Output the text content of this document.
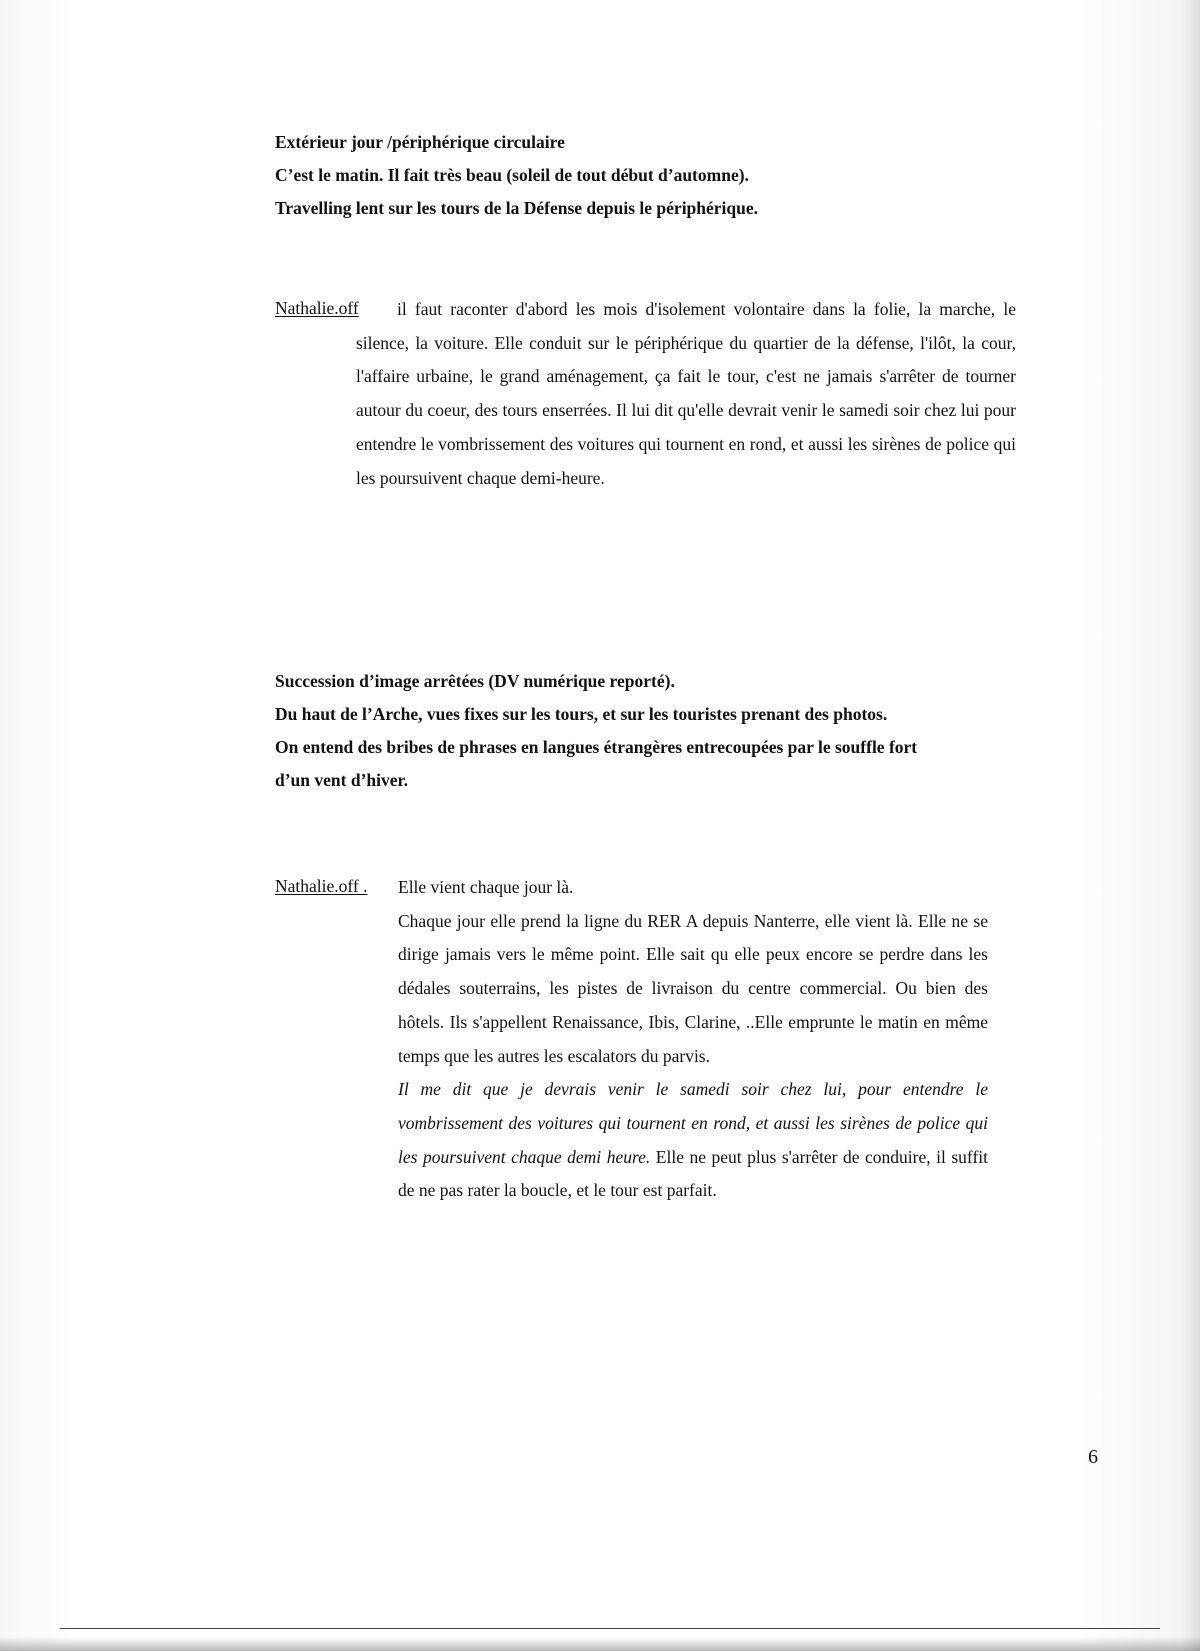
Extérieur jour /périphérique circulaire

C’est le matin. Il fait très beau (soleil de tout début d’automne).

Travelling lent sur les tours de la Défense depuis le périphérique.

Nathalie.off	il faut raconter d'abord les mois d'isolement volontaire dans la folie, la marche, le silence, la voiture. Elle conduit sur le périphérique du quartier de la défense, l'ilôt, la cour, l'affaire urbaine, le grand aménagement, ça fait le tour, c'est ne jamais s'arrêter de tourner autour du coeur, des tours enserrées. Il lui dit qu'elle devrait venir le samedi soir chez lui pour entendre le vombrissement des voitures qui tournent en rond, et aussi les sirènes de police qui les poursuivent chaque demi-heure.

Succession d’image arrêtées (DV numérique reporté).

Du haut de l’Arche, vues fixes sur les tours, et sur les touristes prenant des photos.

On entend des bribes de phrases en langues étrangères entrecoupées par le souffle fort

d’un vent d’hiver.

Nathalie.off . Elle vient chaque jour là.

Chaque jour elle prend la ligne du RER A depuis Nanterre, elle vient là. Elle ne se dirige jamais vers le même point. Elle sait qu elle peux encore se perdre dans les dédales souterrains, les pistes de livraison du centre commercial. Ou bien des hôtels. Ils s'appellent Renaissance, Ibis, Clarine, ..Elle emprunte le matin en même temps que les autres les escalators du parvis.

Il me dit que je devrais venir le samedi soir chez lui, pour entendre le vombrissement des voitures qui tournent en rond, et aussi les sirènes de police qui les poursuivent chaque demi heure. Elle ne peut plus s'arrêter de conduire, il suffit de ne pas rater la boucle, et le tour est parfait.

6
